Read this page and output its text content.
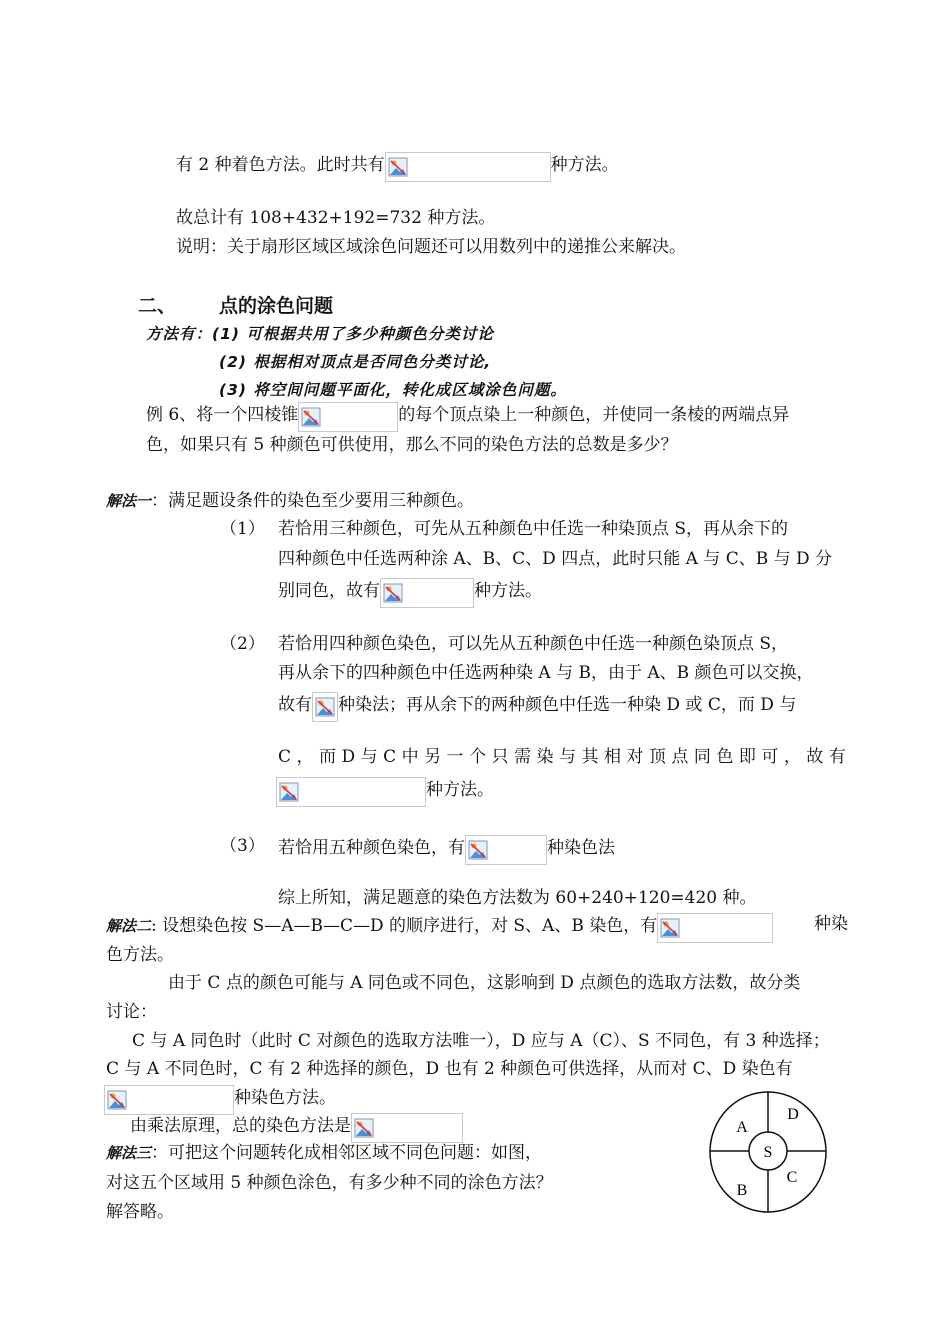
有 2 种着色方法。此时共有	种方法。
故总计有 108+432+192=732 种方法。
说明：关于扇形区域区域涂色问题还可以用数列中的递推公来解决。
二、 点的涂色问题
方法有：(1) 可根据共用了多少种颜色分类讨论
(2) 根据相对顶点是否同色分类讨论,
(3) 将空间问题平面化，转化成区域涂色问题。
例 6、将一个四棱锥	的每个顶点染上一种颜色，并使同一条棱的两端点异
色，如果只有 5 种颜色可供使用，那么不同的染色方法的总数是多少？
解法一：满足题设条件的染色至少要用三种颜色。
（1） 若恰用三种颜色，可先从五种颜色中任选一种染顶点 S，再从余下的
四种颜色中任选两种涂 A、B、C、D 四点，此时只能 A 与 C、B 与 D 分
别同色，故有	种方法。
（2） 若恰用四种颜色染色，可以先从五种颜色中任选一种颜色染顶点 S，
再从余下的四种颜色中任选两种染 A 与 B，由于 A、B 颜色可以交换，
故有 种染法；再从余下的两种颜色中任选一种染 D 或 C，而 D 与
C ， 而 D 与 C 中 另 一 个 只 需 染 与 其 相 对 顶 点 同 色 即 可 ， 故 有
种方法。
（3） 若恰用五种颜色染色，有	种染色法
综上所知，满足题意的染色方法数为 60+240+120=420 种。
解法二: 设想染色按 S—A—B—C—D 的顺序进行，对 S、A、B 染色，有	种染
色方法。
由于 C 点的颜色可能与 A 同色或不同色，这影响到 D 点颜色的选取方法数，故分类
讨论：
C 与 A 同色时（此时 C 对颜色的选取方法唯一），D 应与 A（C）、S 不同色，有 3 种选择；
C 与 A 不同色时，C 有 2 种选择的颜色，D 也有 2 种颜色可供选择，从而对 C、D 染色有
种染色方法。
由乘法原理，总的染色方法是
解法三：可把这个问题转化成相邻区域不同色问题：如图，
对这五个区域用 5 种颜色涂色，有多少种不同的涂色方法？
解答略。
S
A
D
C
B
